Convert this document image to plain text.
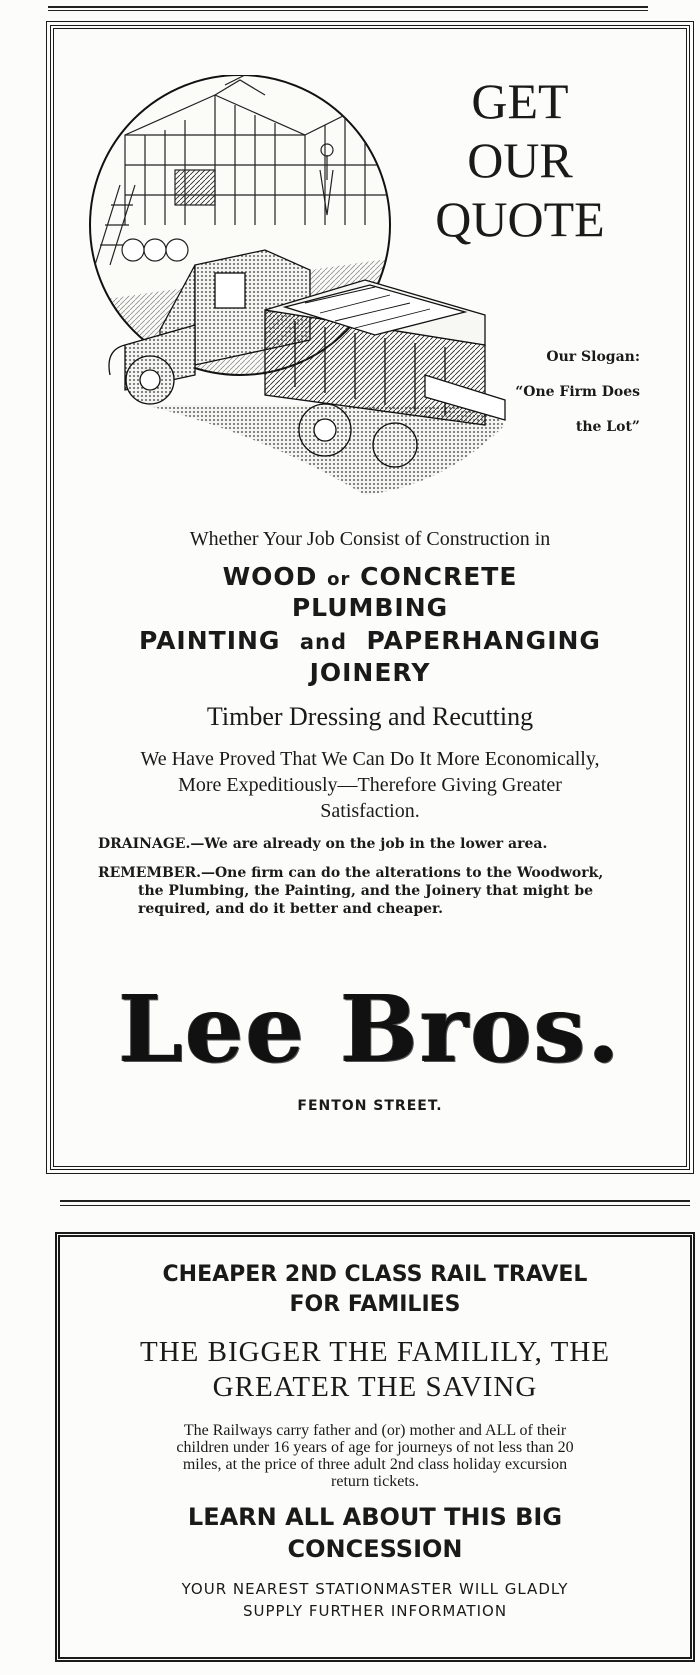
GET
OUR
QUOTE
Our Slogan:
“One Firm Does
the Lot”
Whether Your Job Consist of Construction in
WOOD or CONCRETE
PLUMBING
PAINTING and PAPERHANGING
JOINERY
Timber Dressing and Recutting
We Have Proved That We Can Do It More Economically,
More Expeditiously—Therefore Giving Greater
Satisfaction.
DRAINAGE.—We are already on the job in the lower area.
REMEMBER.—One firm can do the alterations to the Woodwork,
the Plumbing, the Painting, and the Joinery that might be
required, and do it better and cheaper.
Lee Bros.
FENTON STREET.
CHEAPER 2ND CLASS RAIL TRAVEL
FOR FAMILIES
THE BIGGER THE FAMILILY, THE
GREATER THE SAVING
The Railways carry father and (or) mother and ALL of their
children under 16 years of age for journeys of not less than 20
miles, at the price of three adult 2nd class holiday excursion
return tickets.
LEARN ALL ABOUT THIS BIG
CONCESSION
YOUR NEAREST STATIONMASTER WILL GLADLY
SUPPLY FURTHER INFORMATION
